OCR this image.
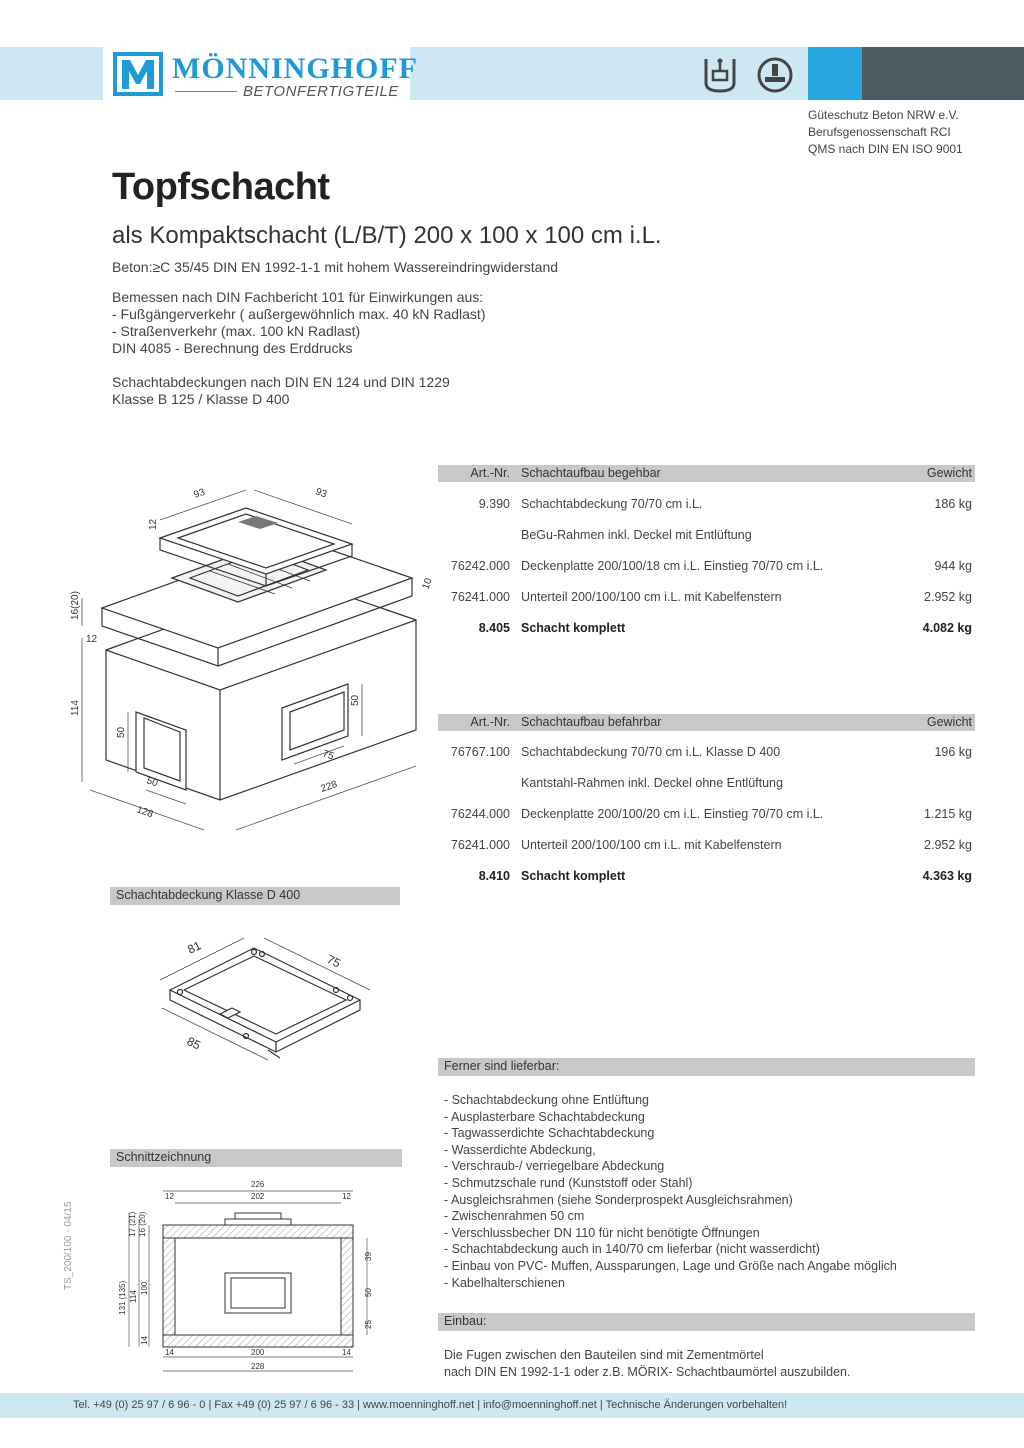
MÖNNINGHOFF
BETONFERTIGTEILE
Güteschutz Beton NRW e.V.
Berufsgenossenschaft RCI
QMS nach DIN EN ISO 9001
Topfschacht
als Kompaktschacht (L/B/T) 200 x 100 x 100 cm i.L.
Beton:≥C 35/45 DIN EN 1992-1-1 mit hohem Wassereindringwiderstand
Bemessen nach DIN Fachbericht 101 für Einwirkungen aus:
- Fußgängerverkehr ( außergewöhnlich max. 40 kN Radlast)
- Straßenverkehr (max. 100 kN Radlast)
DIN 4085 - Berechnung des Erddrucks
Schachtabdeckungen nach DIN EN 124 und DIN 1229
Klasse B 125 / Klasse D 400
93	93
12
16(20)
12
10
114
50
50
50
75
128
228
Art.-Nr. Schachtaufbau begehbar	Gewicht
9.390 Schachtabdeckung 70/70 cm i.L.	186 kg
BeGu-Rahmen inkl. Deckel mit Entlüftung
76242.000 Deckenplatte 200/100/18 cm i.L. Einstieg 70/70 cm i.L.	944 kg
76241.000 Unterteil 200/100/100 cm i.L. mit Kabelfenstern	2.952 kg
8.405 Schacht komplett	4.082 kg
Art.-Nr. Schachtaufbau befahrbar	Gewicht
76767.100 Schachtabdeckung 70/70 cm i.L. Klasse D 400	196 kg
Kantstahl-Rahmen inkl. Deckel ohne Entlüftung
76244.000 Deckenplatte 200/100/20 cm i.L. Einstieg 70/70 cm i.L.	1.215 kg
76241.000 Unterteil 200/100/100 cm i.L. mit Kabelfenstern	2.952 kg
8.410 Schacht komplett	4.363 kg
Schachtabdeckung Klasse D 400
81
75
85
Schnittzeichnung
226
202
12	12
17 (21) 16 (20)
131 (135) 114
100
14
39
50
25
14	200	14
228
Ferner sind lieferbar:
- Schachtabdeckung ohne Entlüftung
- Ausplasterbare Schachtabdeckung
- Tagwasserdichte Schachtabdeckung
- Wasserdichte Abdeckung,
- Verschraub-/ verriegelbare Abdeckung
- Schmutzschale rund (Kunststoff oder Stahl)
- Ausgleichsrahmen (siehe Sonderprospekt Ausgleichsrahmen)
- Zwischenrahmen 50 cm
- Verschlussbecher DN 110 für nicht benötigte Öffnungen
- Schachtabdeckung auch in 140/70 cm lieferbar (nicht wasserdicht)
- Einbau von PVC- Muffen, Aussparungen, Lage und Größe nach Angabe möglich
- Kabelhalterschienen
Einbau:
Die Fugen zwischen den Bauteilen sind mit Zementmörtel
nach DIN EN 1992-1-1 oder z.B. MÖRIX- Schachtbaumörtel auszubilden.
TS_200/100 - 04/15
Tel. +49 (0) 25 97 / 6 96 - 0 | Fax +49 (0) 25 97 / 6 96 - 33 | www.moenninghoff.net | info@moenninghoff.net | Technische Änderungen vorbehalten!
